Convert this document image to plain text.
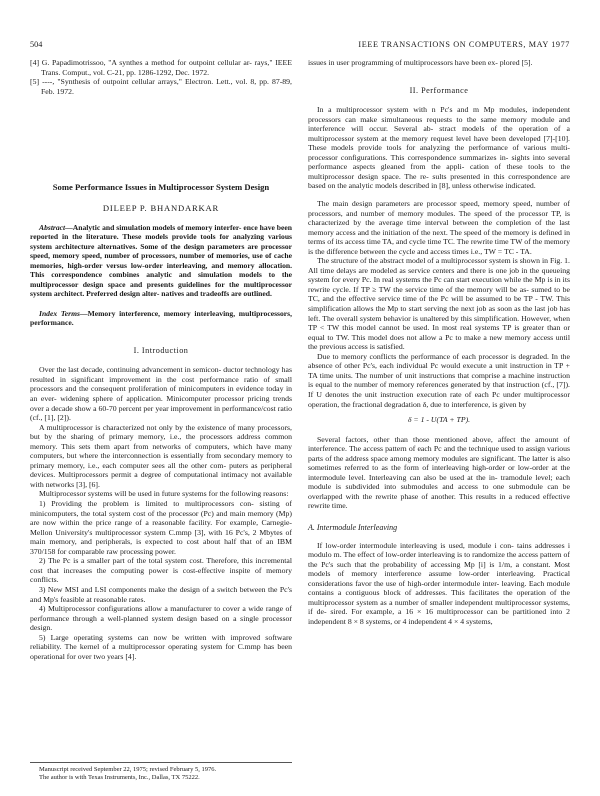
504	IEEE TRANSACTIONS ON COMPUTERS, MAY 1977
[4] G. Papadimotrissoo, "A synthes a method for outpoint cellular ar- rays," IEEE Trans. Comput., vol. C-21, pp. 1286-1292, Dec. 1972.
[5] ----, "Synthesis of outpoint cellular arrays," Electron. Lett., vol. 8, pp. 87-89, Feb. 1972.
Some Performance Issues in Multiprocessor System Design
DILEEP P. BHANDARKAR

Abstract—Analytic and simulation models of memory interfer- ence have been reported in the literature. These models provide tools for analyzing various system architecture alternatives. Some of the design parameters are processor speed, memory speed, number of processors, number of memories, use of cache memories, high-order versus low-order interleaving, and memory allocation. This correspondence combines analytic and simulation models to the multiprocessor design space and presents guidelines for the multiprocessor system architect. Preferred design alter- natives and tradeoffs are outlined.

Index Terms—Memory interference, memory interleaving, multiprocessors, performance.

I. Introduction

Over the last decade, continuing advancement in semicon- ductor technology has resulted in significant improvement in the cost performance ratio of small processors and the consequent proliferation of minicomputers in evidence today in an ever- widening sphere of application. Minicomputer processor pricing trends over a decade show a 60-70 percent per year improvement in performance/cost ratio (cf., [1], [2]).

A multiprocessor is characterized not only by the existence of many processors, but by the sharing of primary memory, i.e., the processors address common memory. This sets them apart from networks of computers, which have many computers, but where the interconnection is essentially from secondary memory to primary memory, i.e., each computer sees all the other com- puters as peripheral devices. Multiprocessors permit a degree of computational intimacy not available with networks [3], [6].

Multiprocessor systems will be used in future systems for the following reasons:

1) Providing the problem is limited to multiprocessors con- sisting of minicomputers, the total system cost of the processor (Pc) and main memory (Mp) are now within the price range of a reasonable facility. For example, Carnegie-Mellon University's multiprocessor system C.mmp [3], with 16 Pc's, 2 Mbytes of main memory, and peripherals, is expected to cost about half that of an IBM 370/158 for comparable raw processing power.

2) The Pc is a smaller part of the total system cost. Therefore, this incremental cost that increases the computing power is cost-effective inspite of memory conflicts.

3) New MSI and LSI components make the design of a switch between the Pc's and Mp's feasible at reasonable rates.

4) Multiprocessor configurations allow a manufacturer to cover a wide range of performance through a well-planned system design based on a single processor design.

5) Large operating systems can now be written with improved software reliability. The kernel of a multiprocessor operating system for C.mmp has been operational for over two years [4].

Manuscript received September 22, 1975; revised February 5, 1976.
The author is with Texas Instruments, Inc., Dallas, TX 75222.

issues in user programming of multiprocessors have been ex- plored [5].

II. Performance

In a multiprocessor system with n Pc's and m Mp modules, independent processors can make simultaneous requests to the same memory module and interference will occur. Several ab- stract models of the operation of a multiprocessor system at the memory request level have been developed [7]-[10]. These models provide tools for analyzing the performance of various multi- processor configurations. This correspondence summarizes in- sights into several performance aspects gleaned from the appli- cation of these tools to the multiprocessor design space. The re- sults presented in this correspondence are based on the analytic models described in [8], unless otherwise indicated.

The main design parameters are processor speed, memory speed, number of processors, and number of memory modules. The speed of the processor TP, is characterized by the average time interval between the completion of the last memory access and the initiation of the next. The speed of the memory is defined in terms of its access time TA, and cycle time TC. The rewrite time TW of the memory is the difference between the cycle and access times i.e., TW = TC - TA.

The structure of the abstract model of a multiprocessor system is shown in Fig. 1. All time delays are modeled as service centers and there is one job in the queueing system for every Pc. In real systems the Pc can start execution while the Mp is in its rewrite cycle. If TP ≥ TW the service time of the memory will be as- sumed to be TC, and the effective service time of the Pc will be assumed to be TP - TW. This simplification allows the Mp to start serving the next job as soon as the last job has left. The overall system behavior is unaltered by this simplification. However, when TP < TW this model cannot be used. In most real systems TP is greater than or equal to TW. This model does not allow a Pc to make a new memory access until the previous access is satisfied.

Due to memory conflicts the performance of each processor is degraded. In the absence of other Pc's, each individual Pc would execute a unit instruction in TP + TA time units. The number of unit instructions that comprise a machine instruction is equal to the number of memory references generated by that instruction (cf., [7]). If U denotes the unit instruction execution rate of each Pc under multiprocessor operation, the fractional degradation δ, due to interference, is given by

δ = 1 - U(TA + TP).

Several factors, other than those mentioned above, affect the amount of interference. The access pattern of each Pc and the technique used to assign various parts of the address space among memory modules are significant. The latter is also sometimes referred to as the form of interleaving high-order or low-order at the intermodule level. Interleaving can also be used at the in- tramodule level; each module is subdivided into submodules and access to one submodule can be overlapped with the rewrite phase of another. This results in a reduced effective rewrite time.

A. Intermodule Interleaving

If low-order intermodule interleaving is used, module i con- tains addresses i modulo m. The effect of low-order interleaving is to randomize the access pattern of the Pc's such that the probability of accessing Mp [i] is 1/m, a constant. Most models of memory interference assume low-order interleaving. Practical considerations favor the use of high-order intermodule inter- leaving. Each module contains a contiguous block of addresses. This facilitates the operation of the multiprocessor system as a number of smaller independent multiprocessor systems, if de- sired. For example, a 16 × 16 multiprocessor can be partitioned into 2 independent 8 × 8 systems, or 4 independent 4 × 4 systems,
